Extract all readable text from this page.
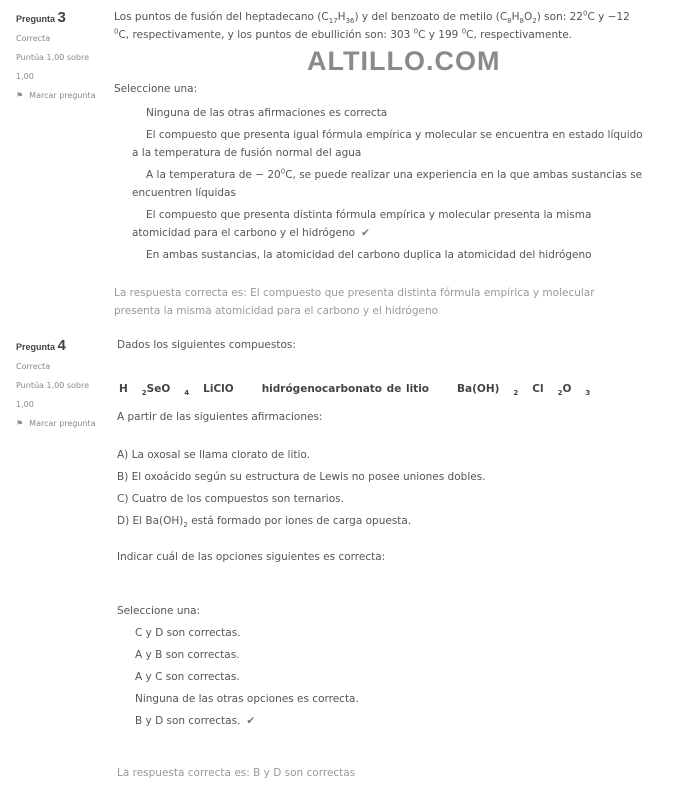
Pregunta 3
Correcta
Puntúa 1,00 sobre 1,00
⚑ Marcar pregunta
Los puntos de fusión del heptadecano $(C_{17}H_{36})$ y del benzoato de metilo $(C_8H_8O_2)$ son: $22^0C$ y −12 $^0$C, respectivamente, y los puntos de ebullición son: 303 $^0$C y 199 $^0$C, respectivamente.
ALTILLO.COM
Seleccione una:
Ninguna de las otras afirmaciones es correcta
El compuesto que presenta igual fórmula empírica y molecular se encuentra en estado líquido a la temperatura de fusión normal del agua
A la temperatura de − $20^0C$, se puede realizar una experiencia en la que ambas sustancias se encuentren líquidas
El compuesto que presenta distinta fórmula empírica y molecular presenta la misma atomicidad para el carbono y el hidrógeno ✔
En ambas sustancias, la atomicidad del carbono duplica la atomicidad del hidrógeno
La respuesta correcta es: El compuesto que presenta distinta fórmula empírica y molecular presenta la misma atomicidad para el carbono y el hidrógeno
Pregunta 4
Correcta
Puntúa 1,00 sobre 1,00
⚑ Marcar pregunta
Dados los siguientes compuestos:
H $_2$SeO $_4$ LiClO	hidrógenocarbonato de litio	Ba(OH) $_2$ Cl $_2$O $_3$
A partir de las siguientes afirmaciones:
A) La oxosal se llama clorato de litio.
B) El oxoácido según su estructura de Lewis no posee uniones dobles.
C) Cuatro de los compuestos son ternarios.
D) El $Ba(OH)_2$ está formado por iones de carga opuesta.
Indicar cuál de las opciones siguientes es correcta:
Seleccione una:
C y D son correctas.
A y B son correctas.
A y C son correctas.
Ninguna de las otras opciones es correcta.
B y D son correctas. ✔
La respuesta correcta es: B y D son correctas
